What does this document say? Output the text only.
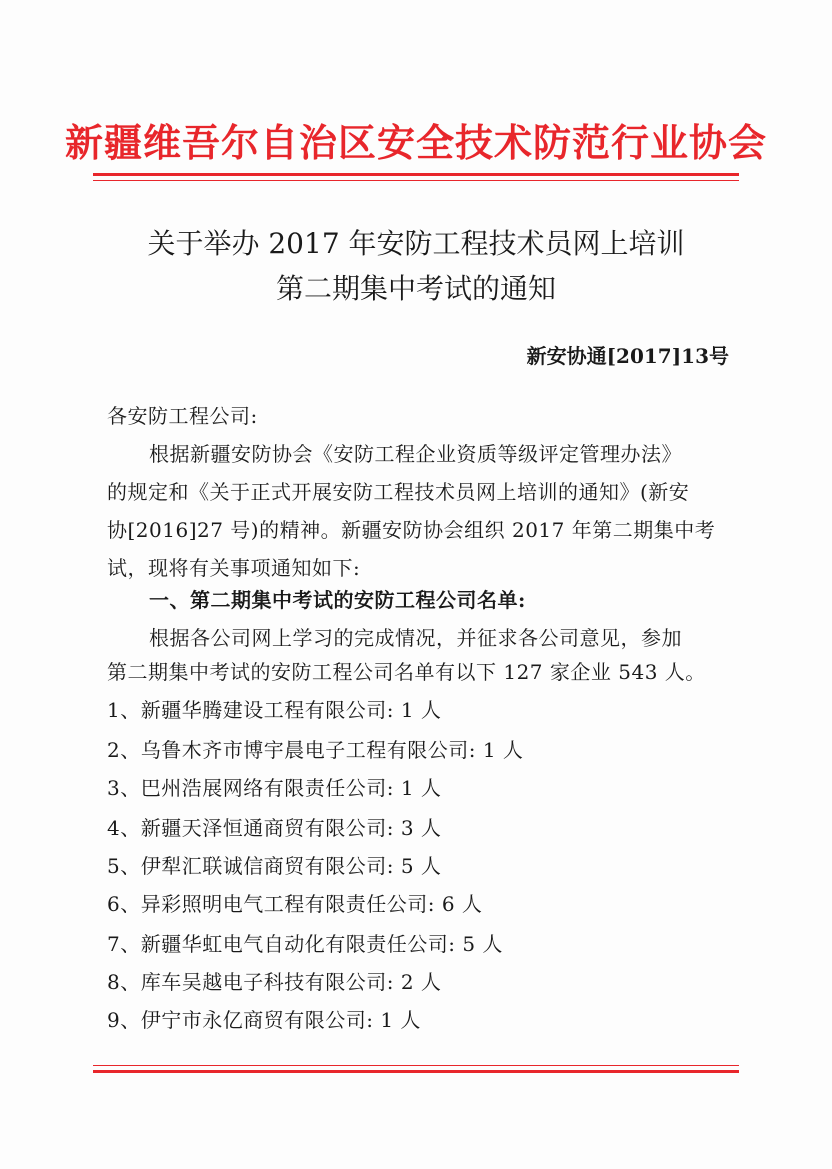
新疆维吾尔自治区安全技术防范行业协会
关于举办 2017 年安防工程技术员网上培训
第二期集中考试的通知
新安协通[2017]13号
各安防工程公司:
根据新疆安防协会《安防工程企业资质等级评定管理办法》
的规定和《关于正式开展安防工程技术员网上培训的通知》(新安
协[2016]27 号)的精神。新疆安防协会组织 2017 年第二期集中考
试，现将有关事项通知如下:
一、第二期集中考试的安防工程公司名单:
根据各公司网上学习的完成情况，并征求各公司意见，参加
第二期集中考试的安防工程公司名单有以下 127 家企业 543 人。
1、新疆华腾建设工程有限公司: 1 人
2、乌鲁木齐市博宇晨电子工程有限公司: 1 人
3、巴州浩展网络有限责任公司: 1 人
4、新疆天泽恒通商贸有限公司: 3 人
5、伊犁汇联诚信商贸有限公司: 5 人
6、异彩照明电气工程有限责任公司: 6 人
7、新疆华虹电气自动化有限责任公司: 5 人
8、库车吴越电子科技有限公司: 2 人
9、伊宁市永亿商贸有限公司: 1 人
